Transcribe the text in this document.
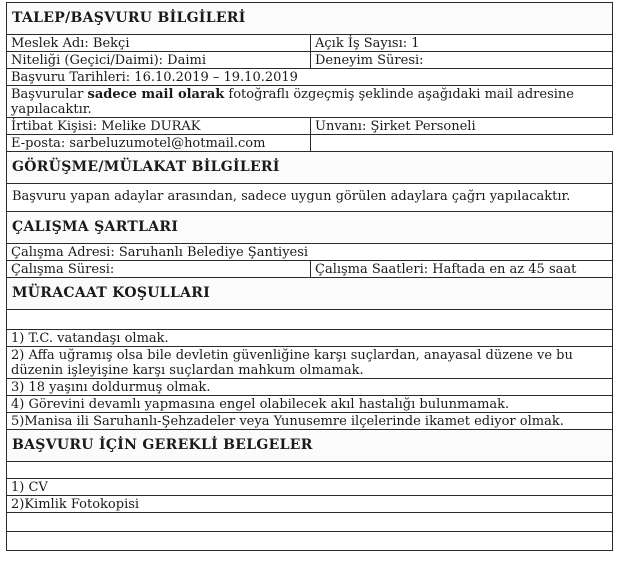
TALEP/BAŞVURU BİLGİLERİ	
Meslek Adı: Bekçi	Açık İş Sayısı: 1
Niteliği (Geçici/Daimi): Daimi	Deneyim Süresi:
Başvuru Tarihleri: 16.10.2019 – 19.10.2019	
Başvurular sadece mail olarak fotoğraflı özgeçmiş şeklinde aşağıdaki mail adresine yapılacaktır.	
İrtibat Kişisi: Melike DURAK	Unvanı: Şirket Personeli
E-posta: sarbeluzumotel@hotmail.com	
GÖRÜŞME/MÜLAKAT BİLGİLERİ	
Başvuru yapan adaylar arasından, sadece uygun görülen adaylara çağrı yapılacaktır.	
ÇALIŞMA ŞARTLARI	
Çalışma Adresi: Saruhanlı Belediye Şantiyesi	
Çalışma Süresi:	Çalışma Saatleri: Haftada en az 45 saat
MÜRACAAT KOŞULLARI	

1) T.C. vatandaşı olmak.	
2) Affa uğramış olsa bile devletin güvenliğine karşı suçlardan, anayasal düzene ve bu düzenin işleyişine karşı suçlardan mahkum olmamak.	
3) 18 yaşını doldurmuş olmak.	
4) Görevini devamlı yapmasına engel olabilecek akıl hastalığı bulunmamak.	
5)Manisa ili Saruhanlı-Şehzadeler veya Yunusemre ilçelerinde ikamet ediyor olmak.	
BAŞVURU İÇİN GEREKLİ BELGELER	

1) CV	
2)Kimlik Fotokopisi	
